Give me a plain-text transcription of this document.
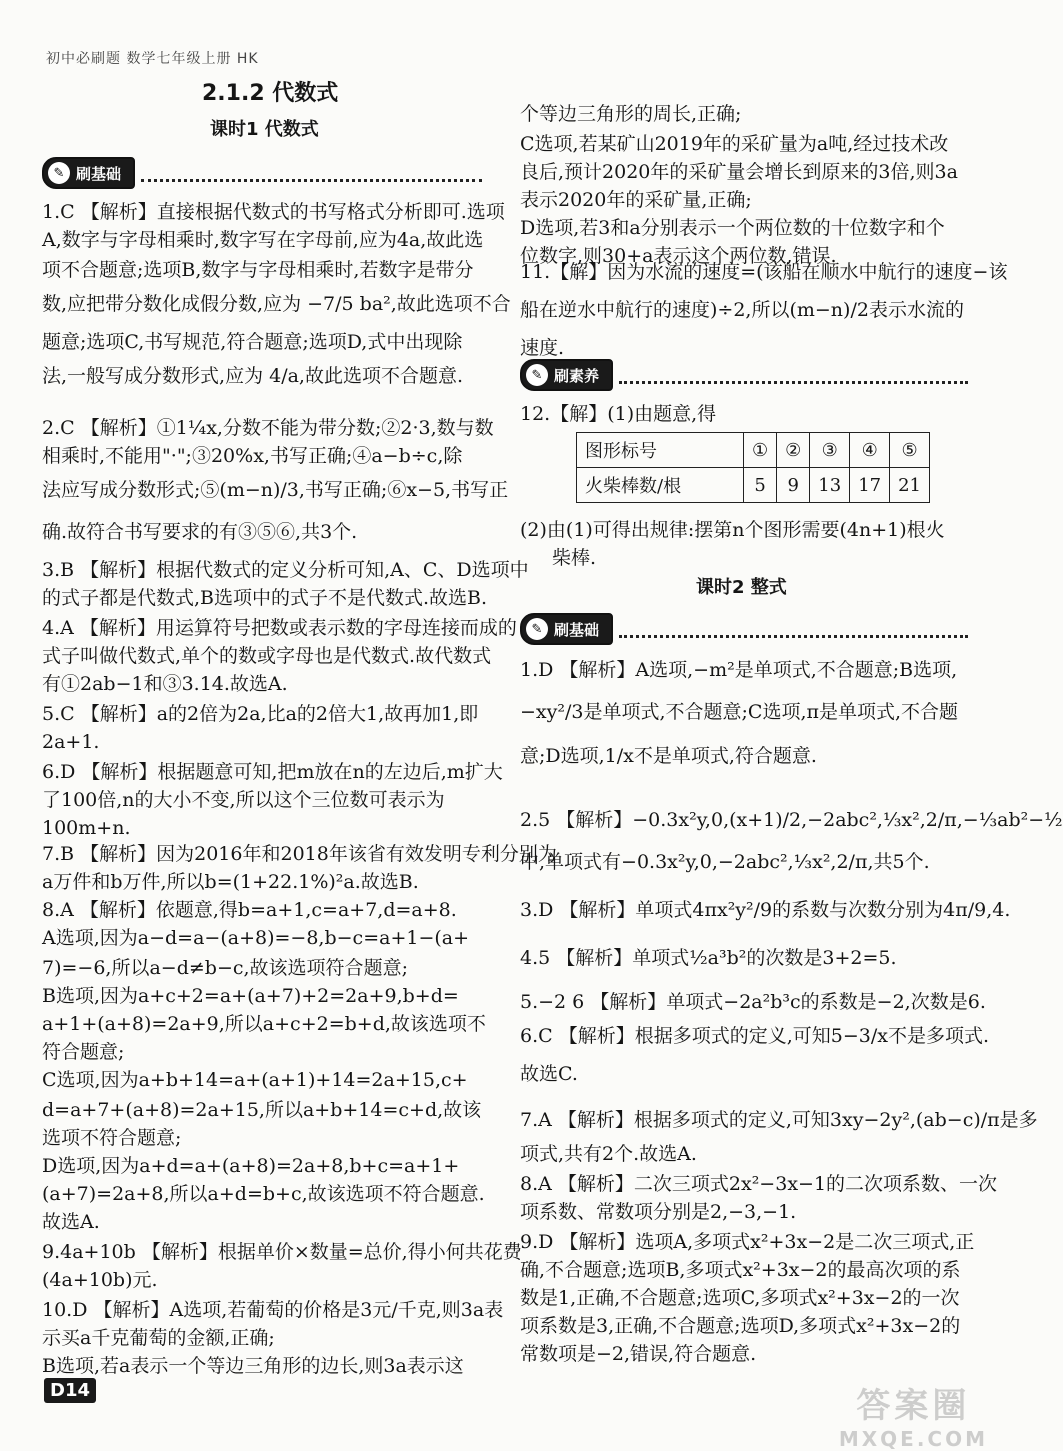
初中必刷题 数学七年级上册 HK
2.1.2 代数式
课时1 代数式
✎ 刷基础
1.C 【解析】直接根据代数式的书写格式分析即可.选项
A,数字与字母相乘时,数字写在字母前,应为4a,故此选
项不合题意;选项B,数字与字母相乘时,若数字是带分
数,应把带分数化成假分数,应为 −7/5 ba²,故此选项不合
题意;选项C,书写规范,符合题意;选项D,式中出现除
法,一般写成分数形式,应为 4/a,故此选项不合题意.
2.C 【解析】①1¼x,分数不能为带分数;②2·3,数与数
相乘时,不能用"·";③20%x,书写正确;④a−b÷c,除
法应写成分数形式;⑤(m−n)/3,书写正确;⑥x−5,书写正
确.故符合书写要求的有③⑤⑥,共3个.
3.B 【解析】根据代数式的定义分析可知,A、C、D选项中
的式子都是代数式,B选项中的式子不是代数式.故选B.
4.A 【解析】用运算符号把数或表示数的字母连接而成的
式子叫做代数式,单个的数或字母也是代数式.故代数式
有①2ab−1和③3.14.故选A.
5.C 【解析】a的2倍为2a,比a的2倍大1,故再加1,即
2a+1.
6.D 【解析】根据题意可知,把m放在n的左边后,m扩大
了100倍,n的大小不变,所以这个三位数可表示为
100m+n.
7.B 【解析】因为2016年和2018年该省有效发明专利分别为
a万件和b万件,所以b=(1+22.1%)²a.故选B.
8.A 【解析】依题意,得b=a+1,c=a+7,d=a+8.
A选项,因为a−d=a−(a+8)=−8,b−c=a+1−(a+
7)=−6,所以a−d≠b−c,故该选项符合题意;
B选项,因为a+c+2=a+(a+7)+2=2a+9,b+d=
a+1+(a+8)=2a+9,所以a+c+2=b+d,故该选项不
符合题意;
C选项,因为a+b+14=a+(a+1)+14=2a+15,c+
d=a+7+(a+8)=2a+15,所以a+b+14=c+d,故该
选项不符合题意;
D选项,因为a+d=a+(a+8)=2a+8,b+c=a+1+
(a+7)=2a+8,所以a+d=b+c,故该选项不符合题意.
故选A.
9.4a+10b 【解析】根据单价×数量=总价,得小何共花费
(4a+10b)元.
10.D 【解析】A选项,若葡萄的价格是3元/千克,则3a表
示买a千克葡萄的金额,正确;
B选项,若a表示一个等边三角形的边长,则3a表示这
个等边三角形的周长,正确;
C选项,若某矿山2019年的采矿量为a吨,经过技术改
良后,预计2020年的采矿量会增长到原来的3倍,则3a
表示2020年的采矿量,正确;
D选项,若3和a分别表示一个两位数的十位数字和个
位数字,则30+a表示这个两位数,错误.
11.【解】因为水流的速度=(该船在顺水中航行的速度−该
船在逆水中航行的速度)÷2,所以(m−n)/2表示水流的
速度.
✎ 刷素养
12.【解】(1)由题意,得
图形标号	①	②	③	④	⑤
火柴棒数/根	5	9	13	17	21
(2)由(1)可得出规律:摆第n个图形需要(4n+1)根火
柴棒.
课时2 整式
✎ 刷基础
1.D 【解析】A选项,−m²是单项式,不合题意;B选项,
−xy²/3是单项式,不合题意;C选项,π是单项式,不合题
意;D选项,1/x不是单项式,符合题意.
2.5 【解析】−0.3x²y,0,(x+1)/2,−2abc²,⅓x²,2/π,−⅓ab²−½
中,单项式有−0.3x²y,0,−2abc²,⅓x²,2/π,共5个.
3.D 【解析】单项式4πx²y²/9的系数与次数分别为4π/9,4.
4.5 【解析】单项式½a³b²的次数是3+2=5.
5.−2 6 【解析】单项式−2a²b³c的系数是−2,次数是6.
6.C 【解析】根据多项式的定义,可知5−3/x不是多项式.
故选C.
7.A 【解析】根据多项式的定义,可知3xy−2y²,(ab−c)/π是多
项式,共有2个.故选A.
8.A 【解析】二次三项式2x²−3x−1的二次项系数、一次
项系数、常数项分别是2,−3,−1.
9.D 【解析】选项A,多项式x²+3x−2是二次三项式,正
确,不合题意;选项B,多项式x²+3x−2的最高次项的系
数是1,正确,不合题意;选项C,多项式x²+3x−2的一次
项系数是3,正确,不合题意;选项D,多项式x²+3x−2的
常数项是−2,错误,符合题意.
D14	答案圈
MXQE.COM
